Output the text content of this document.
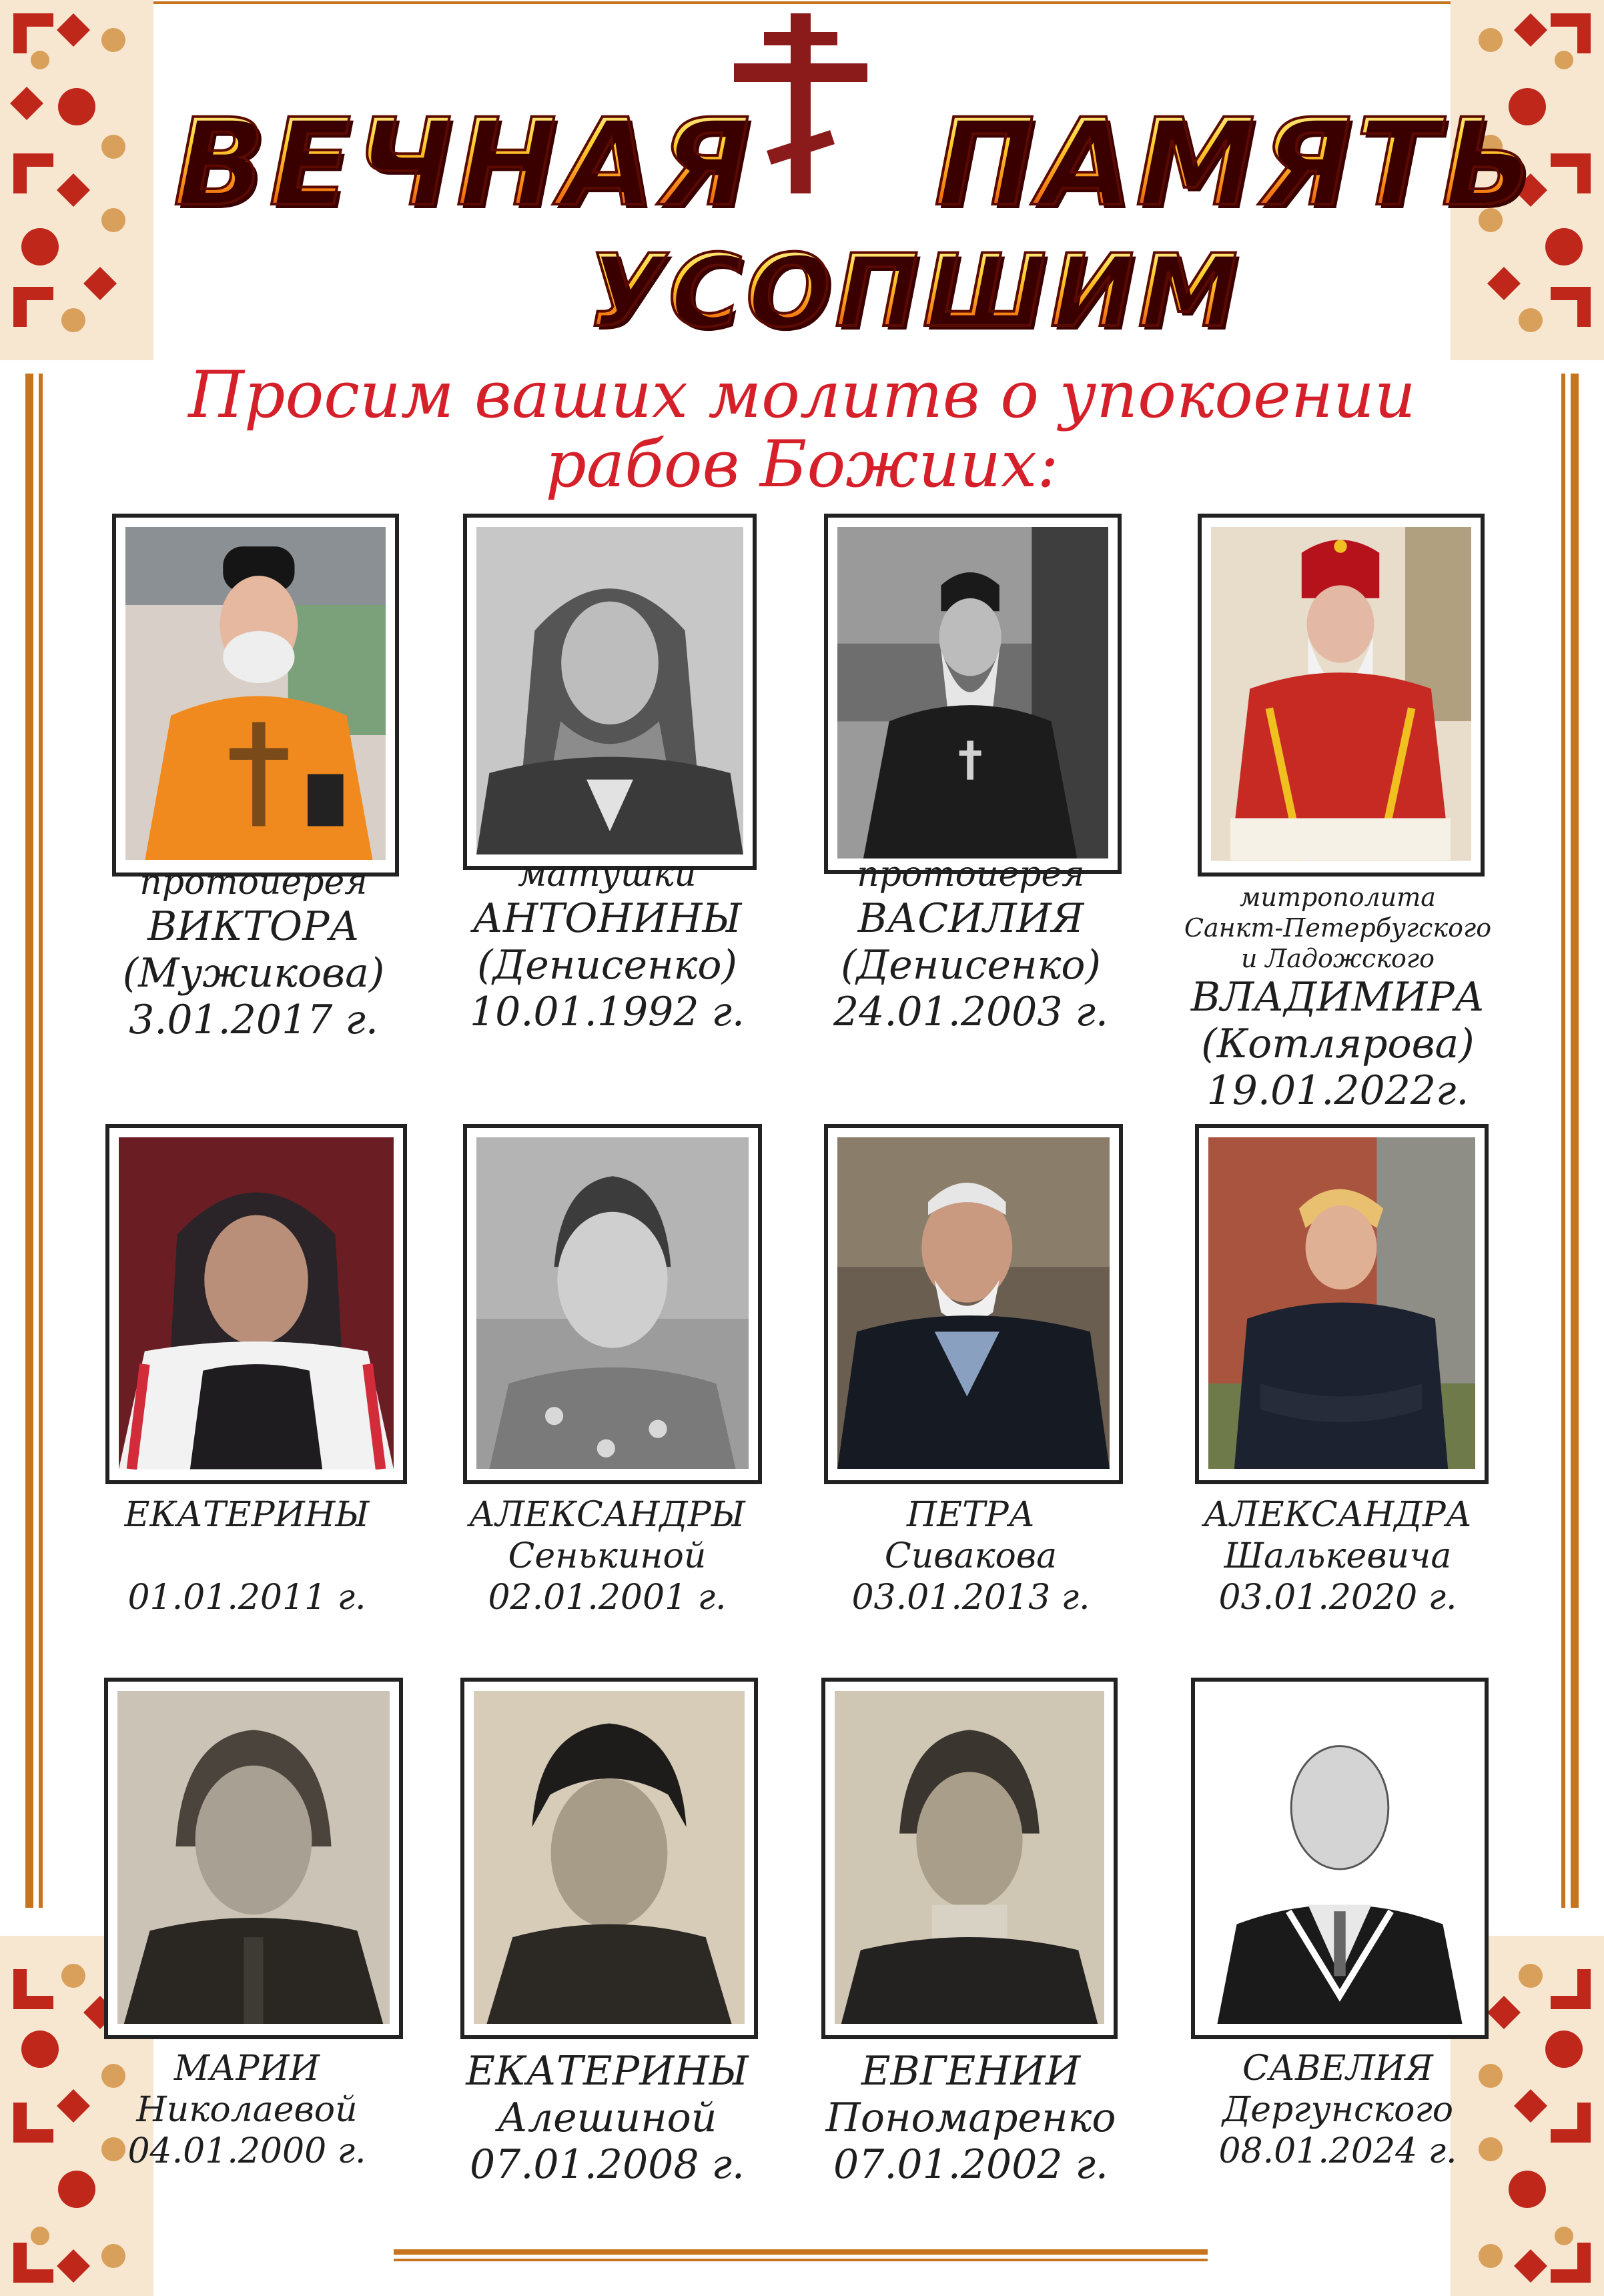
ВЕЧНАЯ ПАМЯТЬ
УСОПШИМ
Просим ваших молитв о упокоении
рабов Божиих:
протоиерея
ВИКТОРА
(Мужикова)
3.01.2017 г.
матушки
АНТОНИНЫ
(Денисенко)
10.01.1992 г.
протоиерея
ВАСИЛИЯ
(Денисенко)
24.01.2003 г.
митрополита
Санкт-Петербугского
и Ладожского
ВЛАДИМИРА
(Котлярова)
19.01.2022г.
ЕКАТЕРИНЫ
01.01.2011 г.
АЛЕКСАНДРЫ
Сенькиной
02.01.2001 г.
ПЕТРА
Сивакова
03.01.2013 г.
АЛЕКСАНДРА
Шалькевича
03.01.2020 г.
МАРИИ
Николаевой
04.01.2000 г.
ЕКАТЕРИНЫ
Алешиной
07.01.2008 г.
ЕВГЕНИИ
Пономаренко
07.01.2002 г.
САВЕЛИЯ
Дергунского
08.01.2024 г.
